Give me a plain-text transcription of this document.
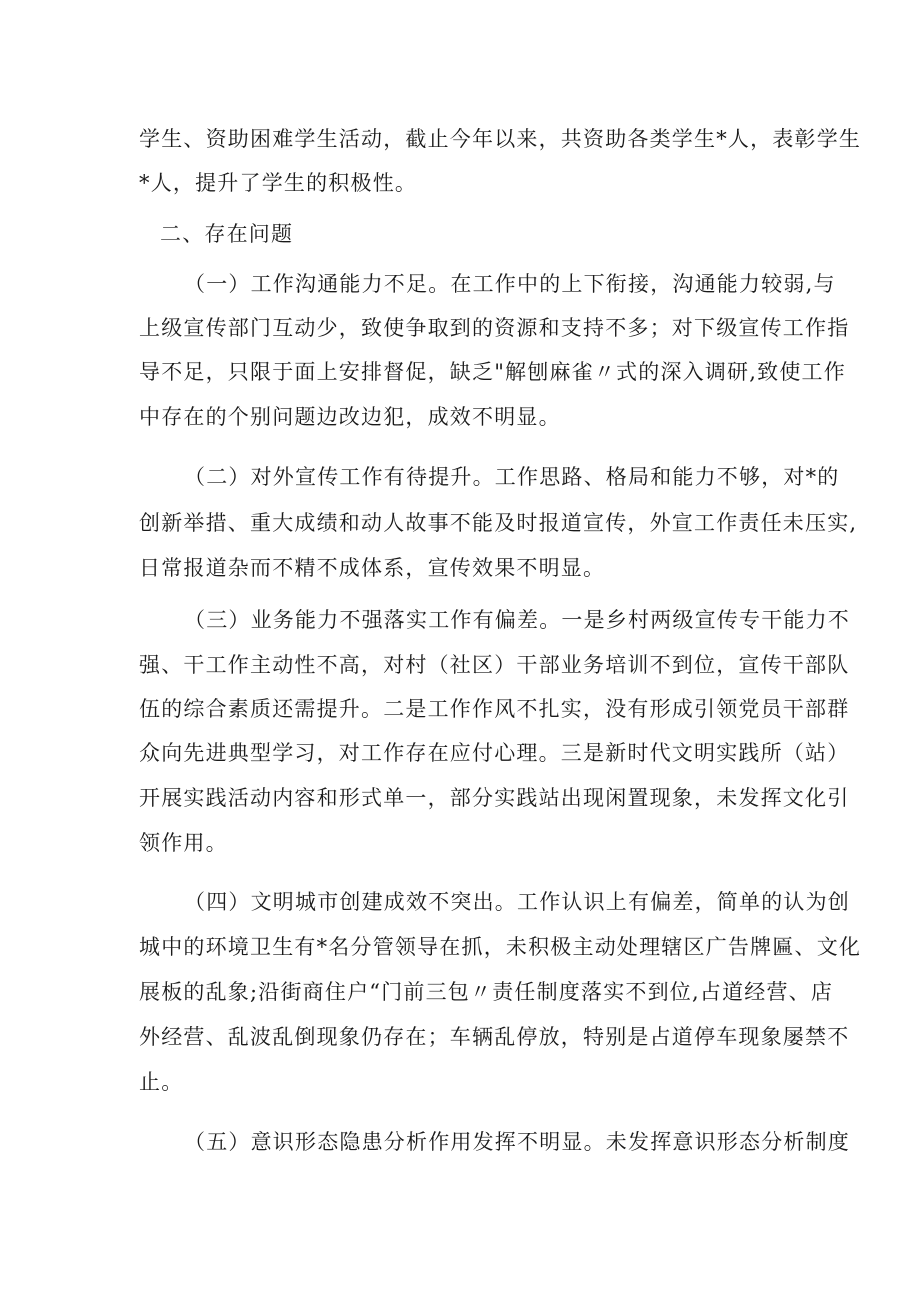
学生、资助困难学生活动，截止今年以来，共资助各类学生*人，表彰学生
*人，提升了学生的积极性。
二、存在问题
（一）工作沟通能力不足。在工作中的上下衔接，沟通能力较弱,与
上级宣传部门互动少，致使争取到的资源和支持不多；对下级宣传工作指
导不足，只限于面上安排督促，缺乏"解刨麻雀〃式的深入调研,致使工作
中存在的个别问题边改边犯，成效不明显。
（二）对外宣传工作有待提升。工作思路、格局和能力不够，对*的
创新举措、重大成绩和动人故事不能及时报道宣传，外宣工作责任未压实,
日常报道杂而不精不成体系，宣传效果不明显。
（三）业务能力不强落实工作有偏差。一是乡村两级宣传专干能力不
强、干工作主动性不高，对村（社区）干部业务培训不到位，宣传干部队
伍的综合素质还需提升。二是工作作风不扎实，没有形成引领党员干部群
众向先进典型学习，对工作存在应付心理。三是新时代文明实践所（站）
开展实践活动内容和形式单一，部分实践站出现闲置现象，未发挥文化引
领作用。
（四）文明城市创建成效不突出。工作认识上有偏差，简单的认为创
城中的环境卫生有*名分管领导在抓，未积极主动处理辖区广告牌匾、文化
展板的乱象;沿街商住户“门前三包〃责任制度落实不到位,占道经营、店
外经营、乱波乱倒现象仍存在；车辆乱停放，特别是占道停车现象屡禁不
止。
（五）意识形态隐患分析作用发挥不明显。未发挥意识形态分析制度
